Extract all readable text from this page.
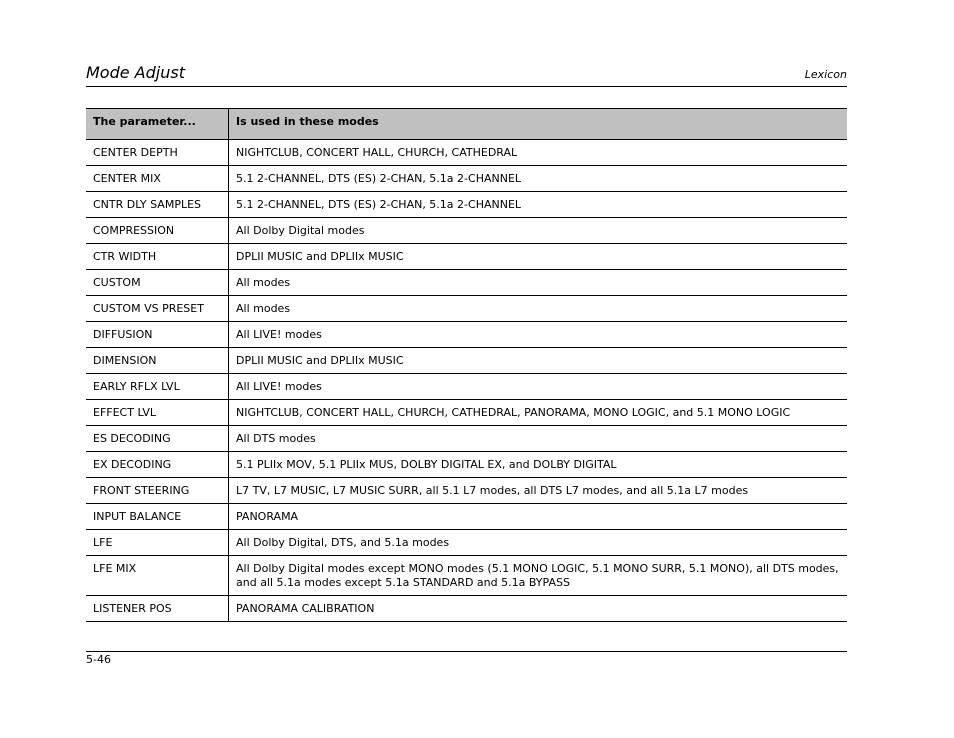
Mode Adjust	Lexicon
The parameter...	Is used in these modes
CENTER DEPTH	NIGHTCLUB, CONCERT HALL, CHURCH, CATHEDRAL
CENTER MIX	5.1 2-CHANNEL, DTS (ES) 2-CHAN, 5.1a 2-CHANNEL
CNTR DLY SAMPLES	5.1 2-CHANNEL, DTS (ES) 2-CHAN, 5.1a 2-CHANNEL
COMPRESSION	All Dolby Digital modes
CTR WIDTH	DPLII MUSIC and DPLIIx MUSIC
CUSTOM	All modes
CUSTOM VS PRESET	All modes
DIFFUSION	All LIVE! modes
DIMENSION	DPLII MUSIC and DPLIIx MUSIC
EARLY RFLX LVL	All LIVE! modes
EFFECT LVL	NIGHTCLUB, CONCERT HALL, CHURCH, CATHEDRAL, PANORAMA, MONO LOGIC, and 5.1 MONO LOGIC
ES DECODING	All DTS modes
EX DECODING	5.1 PLIIx MOV, 5.1 PLIIx MUS, DOLBY DIGITAL EX, and DOLBY DIGITAL
FRONT STEERING	L7 TV, L7 MUSIC, L7 MUSIC SURR, all 5.1 L7 modes, all DTS L7 modes, and all 5.1a L7 modes
INPUT BALANCE	PANORAMA
LFE	All Dolby Digital, DTS, and 5.1a modes
LFE MIX	All Dolby Digital modes except MONO modes (5.1 MONO LOGIC, 5.1 MONO SURR, 5.1 MONO), all DTS modes, and all 5.1a modes except 5.1a STANDARD and 5.1a BYPASS
LISTENER POS	PANORAMA CALIBRATION
5-46
